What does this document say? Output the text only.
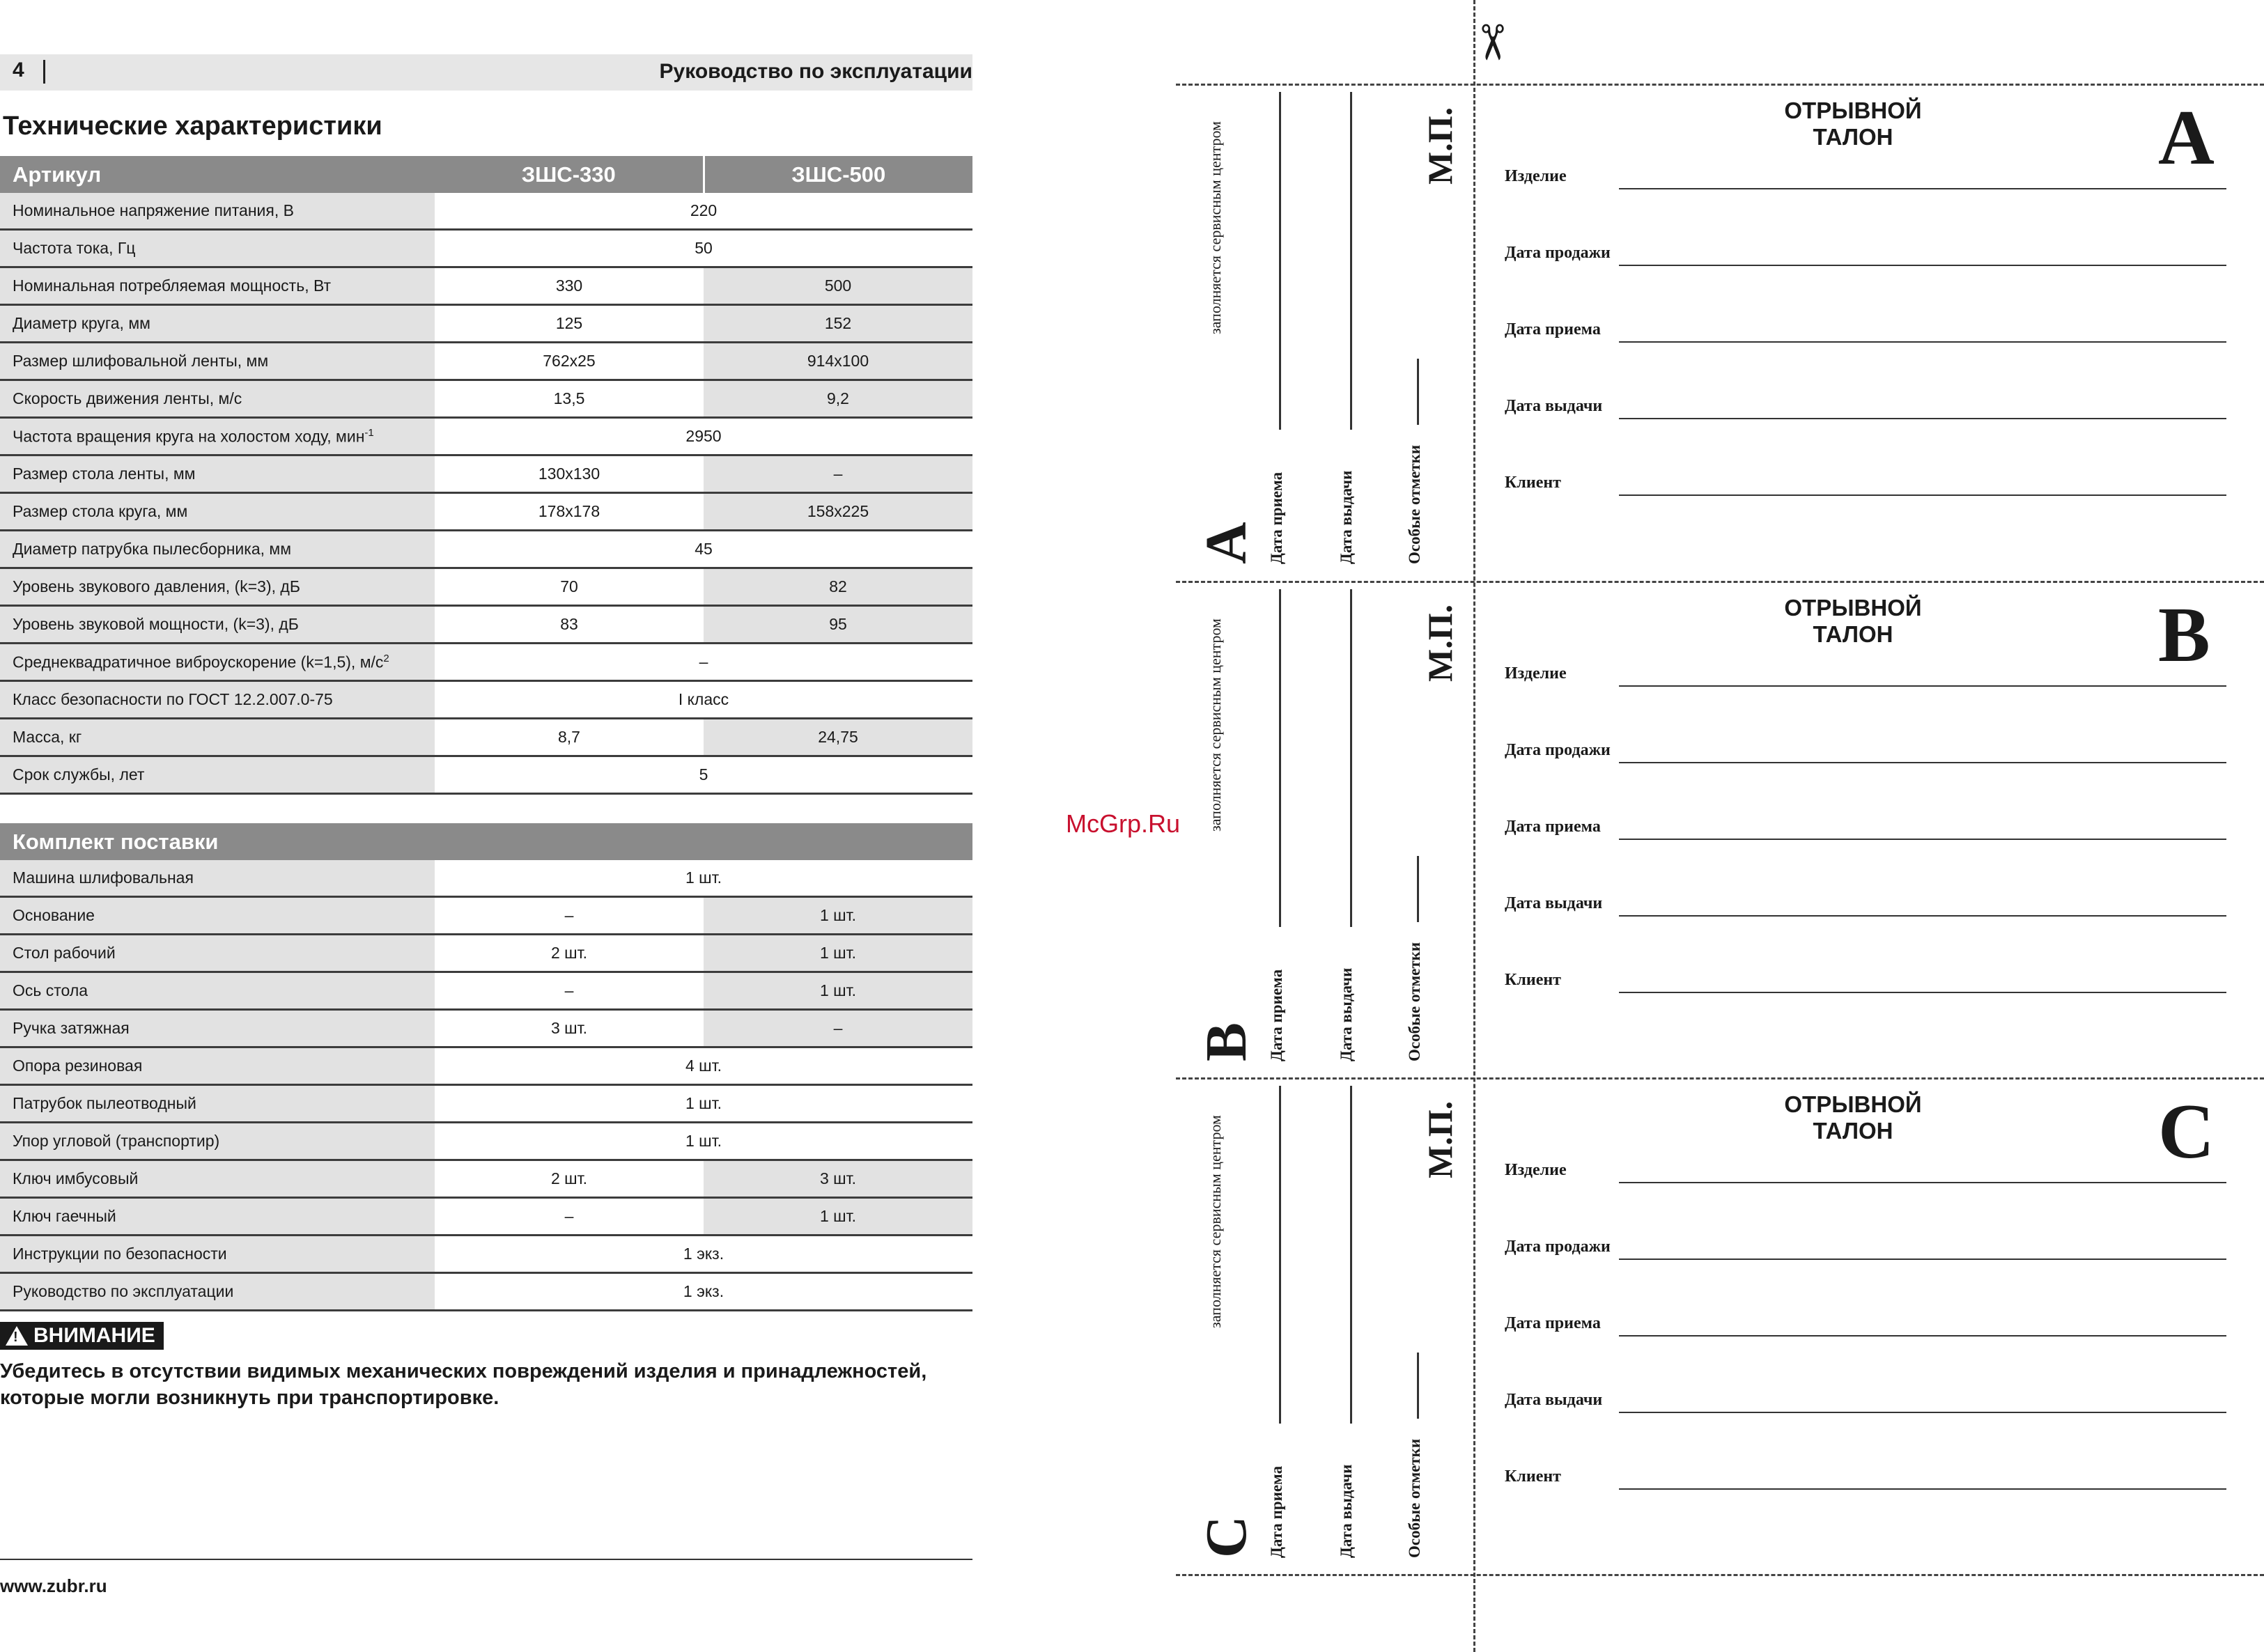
4	Руководство по эксплуатации
Технические характеристики
Артикул	ЗШС-330	ЗШС-500
Номинальное напряжение питания, В	220	
Частота тока, Гц	50	
Номинальная потребляемая мощность, Вт	330	500
Диаметр круга, мм	125	152
Размер шлифовальной ленты, мм	762x25	914x100
Скорость движения ленты, м/с	13,5	9,2
Частота вращения круга на холостом ходу, мин$^{-1}$	2950	
Размер стола ленты, мм	130x130	–
Размер стола круга, мм	178x178	158x225
Диаметр патрубка пылесборника, мм	45	
Уровень звукового давления, (k=3), дБ	70	82
Уровень звуковой мощности, (k=3), дБ	83	95
Среднеквадратичное виброускорение (k=1,5), $м/с^2$	–	
Класс безопасности по ГОСТ 12.2.007.0-75	I класс	
Масса, кг	8,7	24,75
Срок службы, лет	5	
Комплект поставки		
Машина шлифовальная	1 шт.	
Основание	–	1 шт.
Стол рабочий	2 шт.	1 шт.
Ось стола	–	1 шт.
Ручка затяжная	3 шт.	–
Опора резиновая	4 шт.	
Патрубок пылеотводный	1 шт.	
Упор угловой (транспортир)	1 шт.	
Ключ имбусовый	2 шт.	3 шт.
Ключ гаечный	–	1 шт.
Инструкции по безопасности	1 экз.	
Руководство по эксплуатации	1 экз.	
! ВНИМАНИЕ
Убедитесь в отсутствии видимых механических повреждений изделия и принадлежностей,
которые могли возникнуть при транспортировке.
www.zubr.ru
McGrp.Ru
✂
заполняется сервисным центром
Дата приема	Дата выдачи	Особые отметки
М.П.
A
ОТРЫВНОЙ ТАЛОН	A
Изделие
Дата продажи
Дата приема
Дата выдачи
Клиент
заполняется сервисным центром
Дата приема	Дата выдачи	Особые отметки
М.П.
B
ОТРЫВНОЙ ТАЛОН	B
Изделие
Дата продажи
Дата приема
Дата выдачи
Клиент
заполняется сервисным центром
Дата приема	Дата выдачи	Особые отметки
М.П.
C
ОТРЫВНОЙ ТАЛОН	C
Изделие
Дата продажи
Дата приема
Дата выдачи
Клиент
